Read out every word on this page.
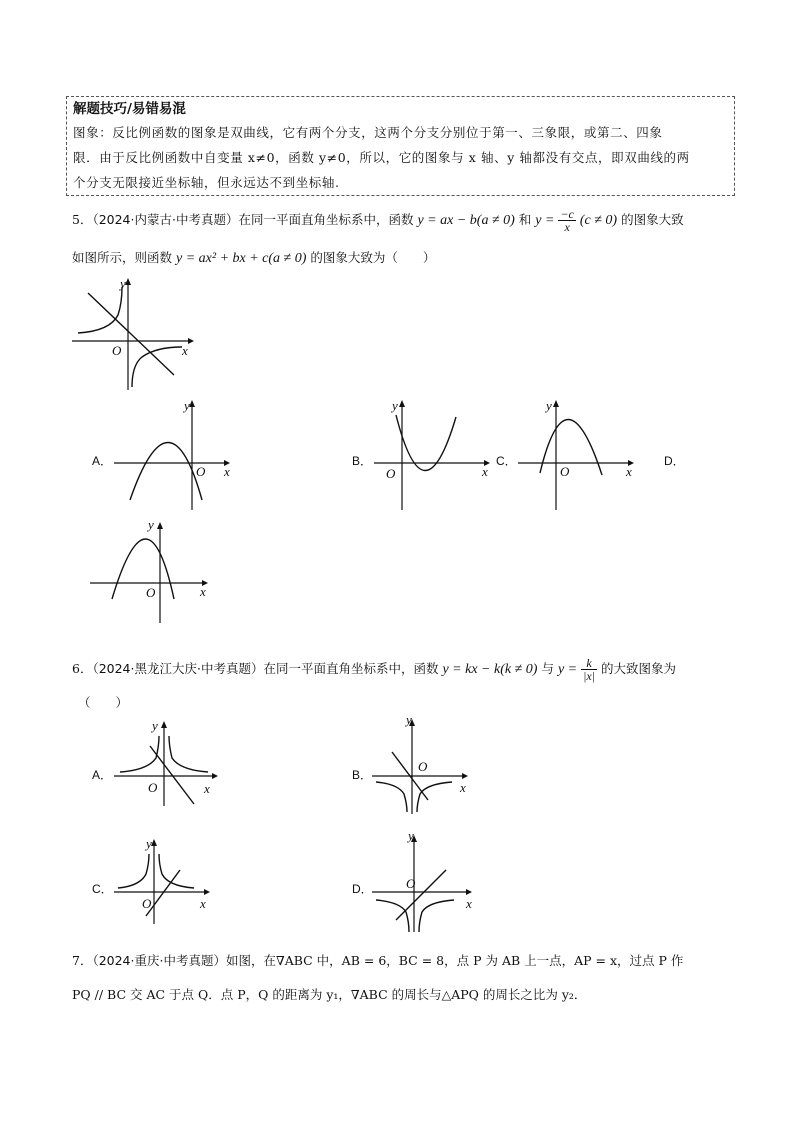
解题技巧/易错易混
图象：反比例函数的图象是双曲线，它有两个分支，这两个分支分别位于第一、三象限，或第二、四象
限．由于反比例函数中自变量 x≠0，函数 y≠0，所以，它的图象与 x 轴、y 轴都没有交点，即双曲线的两
个分支无限接近坐标轴，但永远达不到坐标轴.
5．（2024·内蒙古·中考真题）在同一平面直角坐标系中，函数 y = ax − b(a ≠ 0) 和 $y = \frac{-c}{x} (c \ne 0)$ 的图象大致
如图所示，则函数 y = ax² + bx + c(a ≠ 0) 的图象大致为（　　）
y
x
O
A．
y
x
O
B．
y
x
O
C．
y
x
O
D．
y
x
O
6．（2024·黑龙江大庆·中考真题）在同一平面直角坐标系中，函数 y = kx − k(k ≠ 0) 与 $y = \frac{k}{|x|}$ 的大致图象为
（　　）
A．
y
x
O
B．
y
x
O
C．
y
x
O
D．
y
x
O
7．（2024·重庆·中考真题）如图，在∇ABC 中，AB = 6，BC = 8，点 P 为 AB 上一点，AP = x，过点 P 作
PQ // BC 交 AC 于点 Q．点 P，Q 的距离为 y₁，∇ABC 的周长与△APQ 的周长之比为 y₂．
